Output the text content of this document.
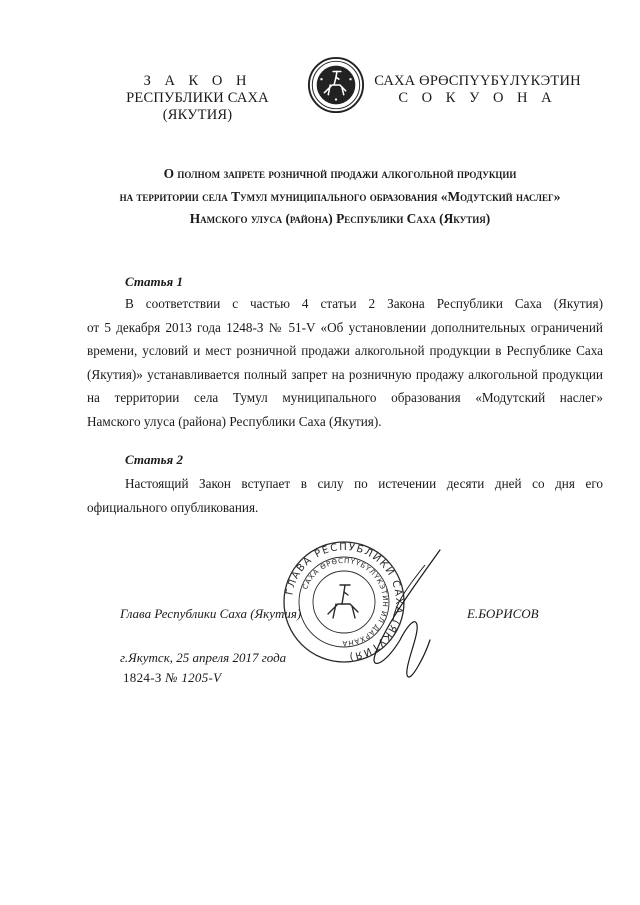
З А К О Н
РЕСПУБЛИКИ САХА (ЯКУТИЯ)
САХА ӨРӨСПҮҮБҮЛҮКЭТИН
С О К У О Н А
О полном запрете розничной продажи алкогольной продукции
на территории села Тумул муниципального образования «Модутский наслег»
Намского улуса (района) Республики Саха (Якутия)
Статья 1
В соответствии с частью 4 статьи 2 Закона Республики Саха (Якутия)
от 5 декабря 2013 года 1248-З № 51-V «Об установлении дополнительных ограничений
времени, условий и мест розничной продажи алкогольной продукции в Республике Саха
(Якутия)» устанавливается полный запрет на розничную продажу алкогольной продукции
на территории села Тумул муниципального образования «Модутский наслег»
Намского улуса (района) Республики Саха (Якутия).
Статья 2
Настоящий Закон вступает в силу по истечении десяти дней со дня его
официального опубликования.
ГЛАВА РЕСПУБЛИКИ САХА (ЯКУТИЯ)
САХА ӨРӨСПҮҮБҮЛҮКЭТИН ИЛ ДАРХАНА
Глава Республики Саха (Якутия)	Е.БОРИСОВ
г.Якутск, 25 апреля 2017 года
1824-З № 1205-V
